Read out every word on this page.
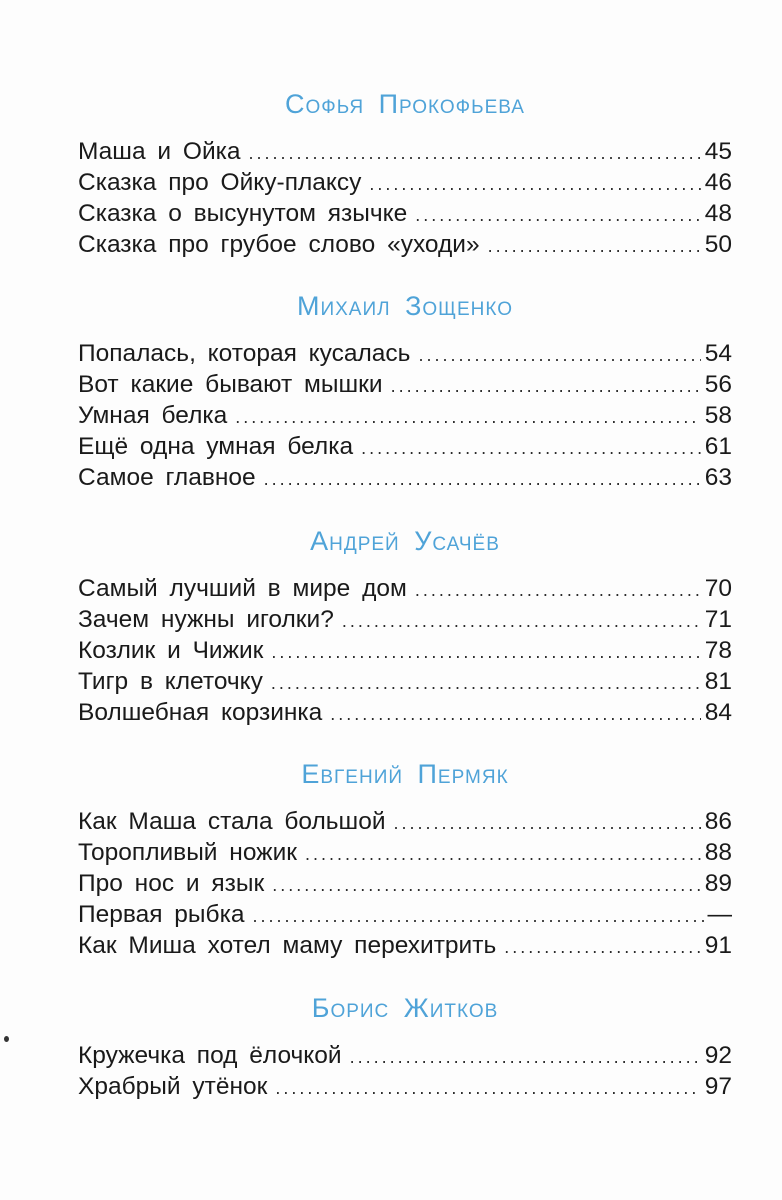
Софья Прокофьева
Маша и Ойка .....	45
Сказка про Ойку-плаксу .....	46
Сказка о высунутом язычке .....	48
Сказка про грубое слово «уходи» .....	50
Михаил Зощенко
Попалась, которая кусалась .....	54
Вот какие бывают мышки .....	56
Умная белка .....	58
Ещё одна умная белка .....	61
Самое главное .....	63
Андрей Усачёв
Самый лучший в мире дом .....	70
Зачем нужны иголки? .....	71
Козлик и Чижик .....	78
Тигр в клеточку .....	81
Волшебная корзинка .....	84
Евгений Пермяк
Как Маша стала большой .....	86
Торопливый ножик .....	88
Про нос и язык .....	89
Первая рыбка .....	—
Как Миша хотел маму перехитрить .....	91
Борис Житков
Кружечка под ёлочкой .....	92
Храбрый утёнок .....	97
